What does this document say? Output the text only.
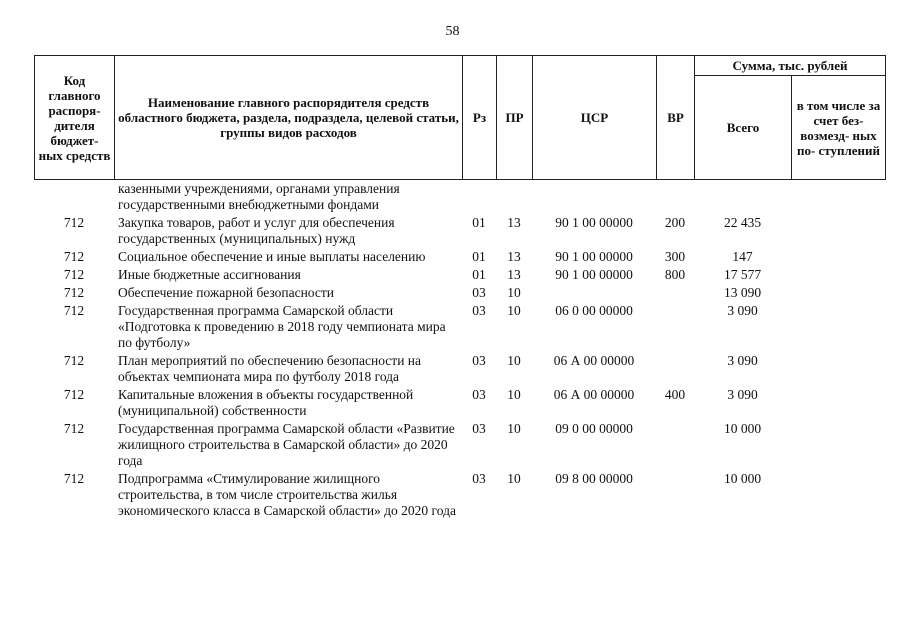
58
Код главного распоря- дителя бюджет- ных средств	Наименование главного распорядителя средств областного бюджета, раздела, подраздела, целевой статьи, группы видов расходов	Рз	ПР	ЦСР	ВР	Сумма, тыс. рублей	
						Всего	в том числе за счет без- возмезд- ных по- ступлений
	казенными учреждениями, органами управления государственными внебюджетными фондами						
712	Закупка товаров, работ и услуг для обеспечения государственных (муниципальных) нужд	01	13	90 1 00 00000	200	22 435	
712	Социальное обеспечение и иные выплаты населению	01	13	90 1 00 00000	300	147	
712	Иные бюджетные ассигнования	01	13	90 1 00 00000	800	17 577	
712	Обеспечение пожарной безопасности	03	10			13 090	
712	Государственная программа Самарской области «Подготовка к проведению в 2018 году чемпионата мира по футболу»	03	10	06 0 00 00000		3 090	
712	План мероприятий по обеспечению безопасности на объектах чемпионата мира по футболу 2018 года	03	10	06 А 00 00000		3 090	
712	Капитальные вложения в объекты государственной (муниципальной) собственности	03	10	06 А 00 00000	400	3 090	
712	Государственная программа Самарской области «Развитие жилищного строительства в Самарской области» до 2020 года	03	10	09 0 00 00000		10 000	
712	Подпрограмма «Стимулирование жилищного строительства, в том числе строительства жилья экономического класса в Самарской области» до 2020 года	03	10	09 8 00 00000		10 000	
